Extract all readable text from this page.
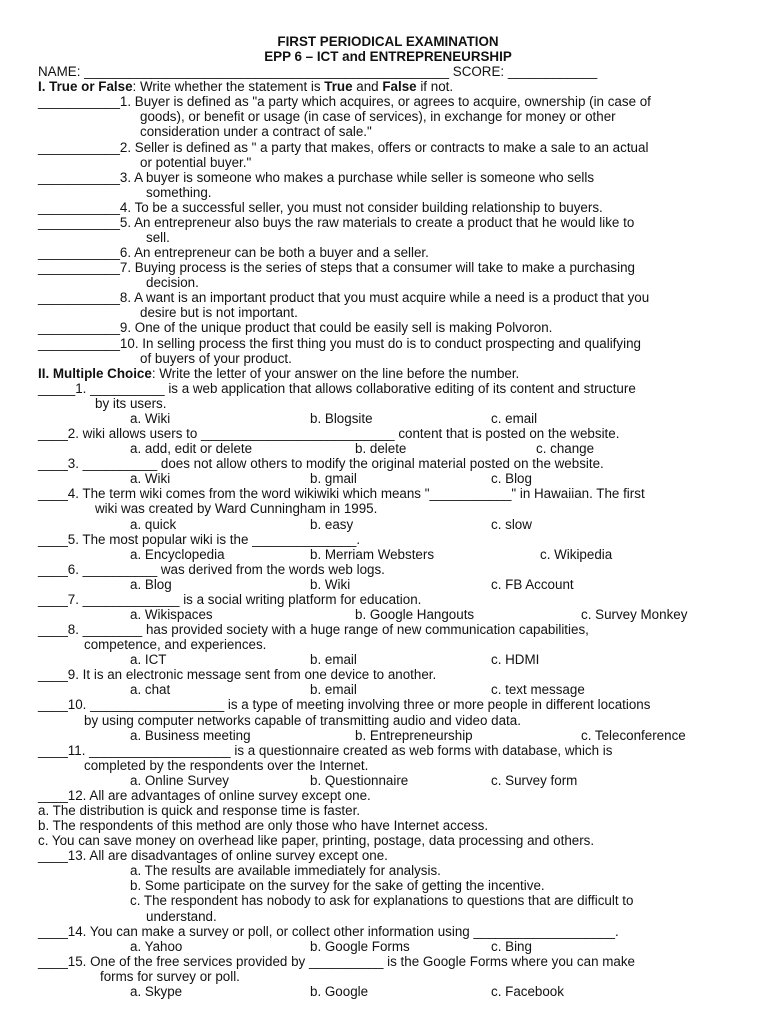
FIRST PERIODICAL EXAMINATION
EPP 6 – ICT and ENTREPRENEURSHIP
NAME: _________________________________________________ SCORE: ____________
I. True or False: Write whether the statement is True and False if not.
___________1. Buyer is defined as "a party which acquires, or agrees to acquire, ownership (in case of
goods), or benefit or usage (in case of services), in exchange for money or other
consideration under a contract of sale."
___________2. Seller is defined as " a party that makes, offers or contracts to make a sale to an actual
or potential buyer."
___________3. A buyer is someone who makes a purchase while seller is someone who sells
something.
___________4. To be a successful seller, you must not consider building relationship to buyers.
___________5. An entrepreneur also buys the raw materials to create a product that he would like to
sell.
___________6. An entrepreneur can be both a buyer and a seller.
___________7. Buying process is the series of steps that a consumer will take to make a purchasing
decision.
___________8. A want is an important product that you must acquire while a need is a product that you
desire but is not important.
___________9. One of the unique product that could be easily sell is making Polvoron.
___________10. In selling process the first thing you must do is to conduct prospecting and qualifying
of buyers of your product.
II. Multiple Choice: Write the letter of your answer on the line before the number.
_____1. __________ is a web application that allows collaborative editing of its content and structure
by its users.
a. Wiki	b. Blogsite	c. email
____2. wiki allows users to __________________________ content that is posted on the website.
a. add, edit or delete	b. delete	c. change
____3. __________ does not allow others to modify the original material posted on the website.
a. Wiki	b. gmail	c. Blog
____4. The term wiki comes from the word wikiwiki which means "___________" in Hawaiian. The first
wiki was created by Ward Cunningham in 1995.
a. quick	b. easy	c. slow
____5. The most popular wiki is the ______________.
a. Encyclopedia	b. Merriam Websters	c. Wikipedia
____6. __________ was derived from the words web logs.
a. Blog	b. Wiki	c. FB Account
____7. _____________ is a social writing platform for education.
a. Wikispaces	b. Google Hangouts	c. Survey Monkey
____8. ________ has provided society with a huge range of new communication capabilities,
competence, and experiences.
a. ICT	b. email	c. HDMI
____9. It is an electronic message sent from one device to another.
a. chat	b. email	c. text message
____10. __________________ is a type of meeting involving three or more people in different locations
by using computer networks capable of transmitting audio and video data.
a. Business meeting	b. Entrepreneurship	c. Teleconference
____11. ___________________ is a questionnaire created as web forms with database, which is
completed by the respondents over the Internet.
a. Online Survey	b. Questionnaire	c. Survey form
____12. All are advantages of online survey except one.
a. The distribution is quick and response time is faster.
b. The respondents of this method are only those who have Internet access.
c. You can save money on overhead like paper, printing, postage, data processing and others.
____13. All are disadvantages of online survey except one.
a. The results are available immediately for analysis.
b. Some participate on the survey for the sake of getting the incentive.
c. The respondent has nobody to ask for explanations to questions that are difficult to
understand.
____14. You can make a survey or poll, or collect other information using ___________________.
a. Yahoo	b. Google Forms	c. Bing
____15. One of the free services provided by __________ is the Google Forms where you can make
forms for survey or poll.
a. Skype	b. Google	c. Facebook
